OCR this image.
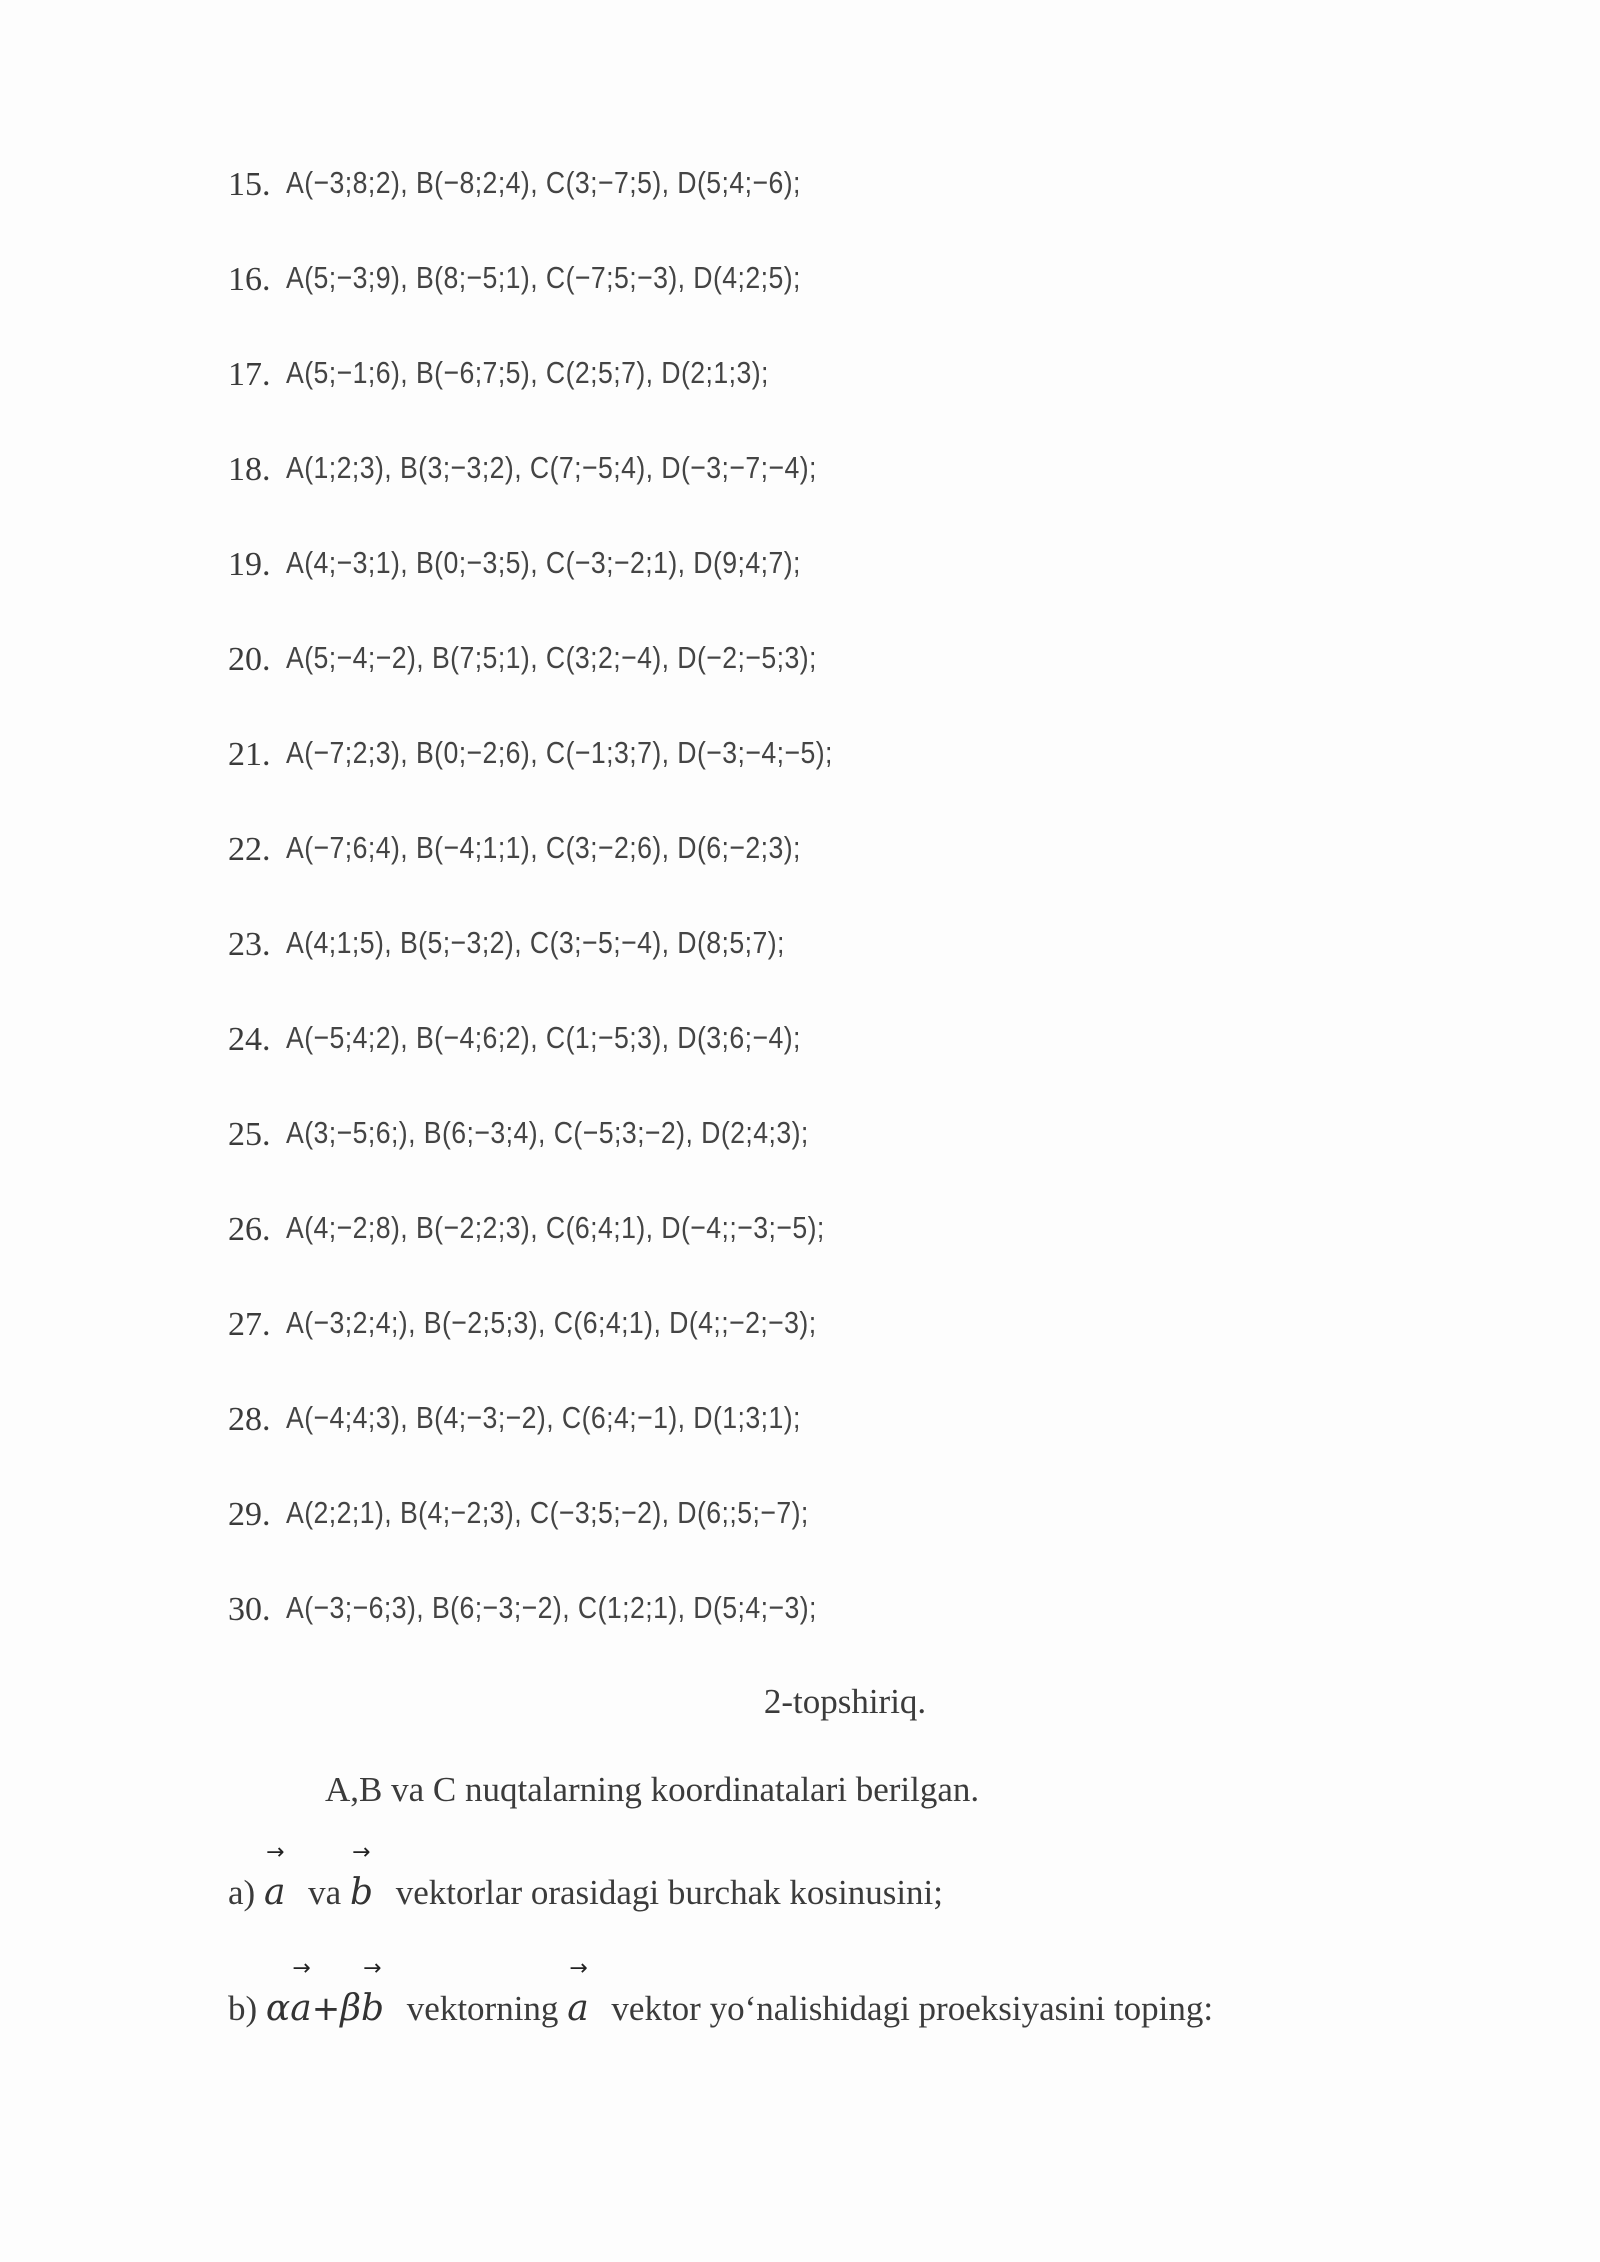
15. A(−3;8;2), B(−8;2;4), C(3;−7;5), D(5;4;−6);
16. A(5;−3;9), B(8;−5;1), C(−7;5;−3), D(4;2;5);
17. A(5;−1;6), B(−6;7;5), C(2;5;7), D(2;1;3);
18. A(1;2;3), B(3;−3;2), C(7;−5;4), D(−3;−7;−4);
19. A(4;−3;1), B(0;−3;5), C(−3;−2;1), D(9;4;7);
20. A(5;−4;−2), B(7;5;1), C(3;2;−4), D(−2;−5;3);
21. A(−7;2;3), B(0;−2;6), C(−1;3;7), D(−3;−4;−5);
22. A(−7;6;4), B(−4;1;1), C(3;−2;6), D(6;−2;3);
23. A(4;1;5), B(5;−3;2), C(3;−5;−4), D(8;5;7);
24. A(−5;4;2), B(−4;6;2), C(1;−5;3), D(3;6;−4);
25. A(3;−5;6;), B(6;−3;4), C(−5;3;−2), D(2;4;3);
26. A(4;−2;8), B(−2;2;3), C(6;4;1), D(−4;;−3;−5);
27. A(−3;2;4;), B(−2;5;3), C(6;4;1), D(4;;−2;−3);
28. A(−4;4;3), B(4;−3;−2), C(6;4;−1), D(1;3;1);
29. A(2;2;1), B(4;−2;3), C(−3;5;−2), D(6;;5;−7);
30. A(−3;−6;3), B(6;−3;−2), C(1;2;1), D(5;4;−3);
2-topshiriq.
A,B va C nuqtalarning koordinatalari berilgan.
a)
→
a va
→
b vektorlar orasidagi burchak kosinusini;
b) α
→
a+β
→
b vektorning
→
a vektor yo‘nalishidagi proeksiyasini toping:
